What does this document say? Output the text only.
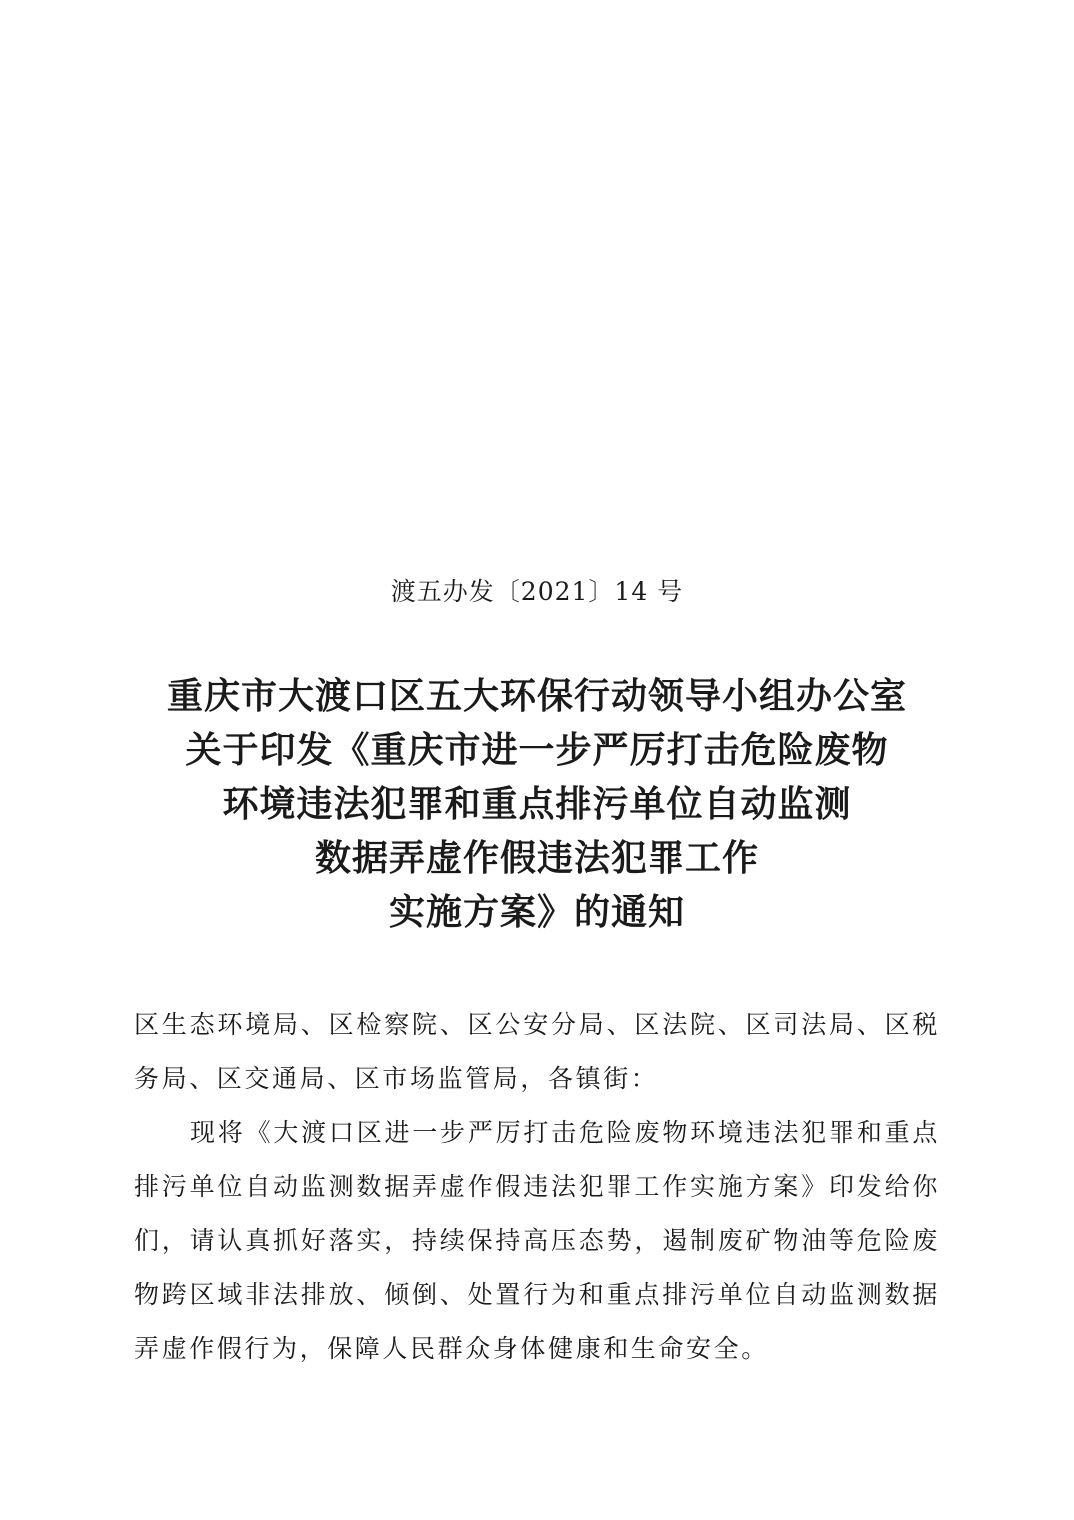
渡五办发〔2021〕14 号
重庆市大渡口区五大环保行动领导小组办公室
关于印发《重庆市进一步严厉打击危险废物
环境违法犯罪和重点排污单位自动监测
数据弄虚作假违法犯罪工作
实施方案》的通知

区生态环境局、区检察院、区公安分局、区法院、区司法局、区税务局、区交通局、区市场监管局，各镇街：

现将《大渡口区进一步严厉打击危险废物环境违法犯罪和重点排污单位自动监测数据弄虚作假违法犯罪工作实施方案》印发给你们，请认真抓好落实，持续保持高压态势，遏制废矿物油等危险废物跨区域非法排放、倾倒、处置行为和重点排污单位自动监测数据弄虚作假行为，保障人民群众身体健康和生命安全。
